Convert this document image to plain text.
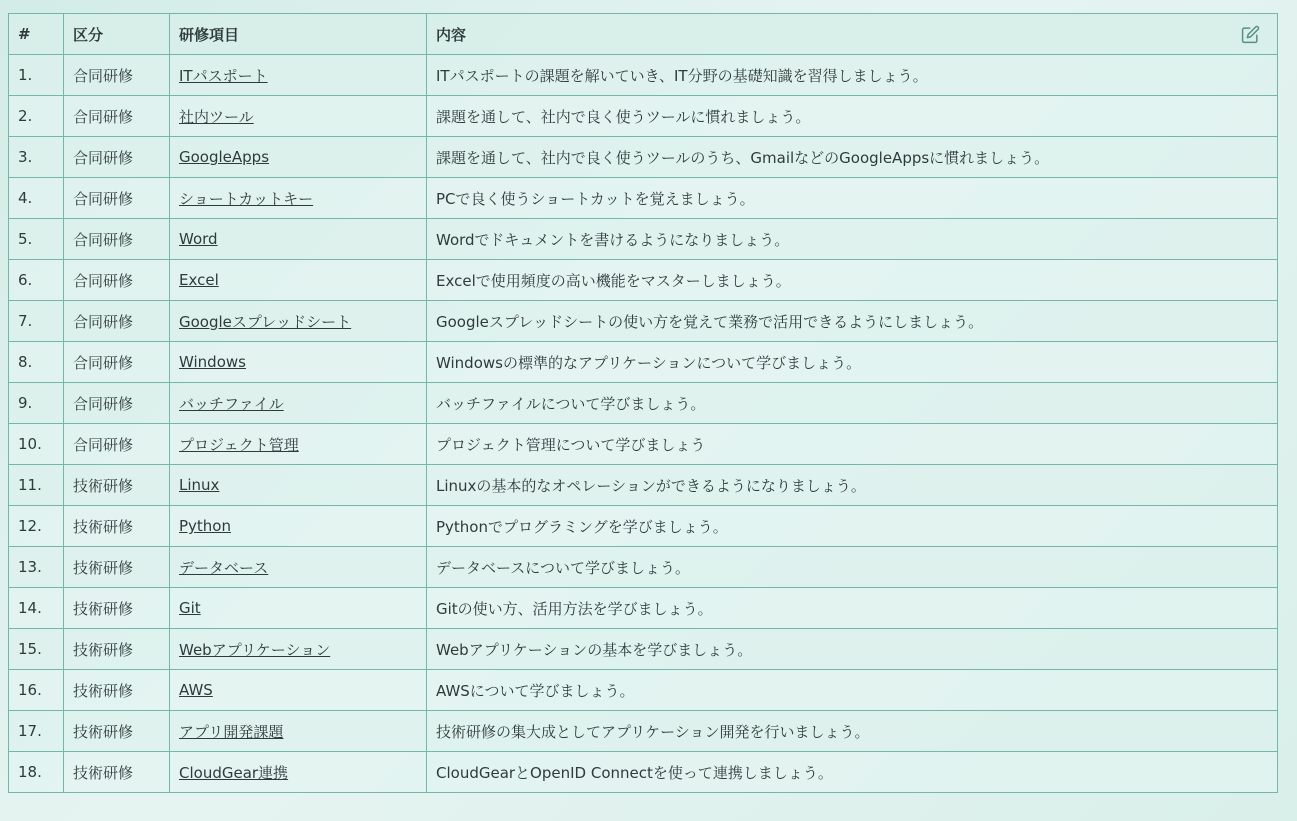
#	区分	研修項目	内容

1.	合同研修	ITパスポート	ITパスポートの課題を解いていき、IT分野の基礎知識を習得しましょう。
2.	合同研修	社内ツール	課題を通して、社内で良く使うツールに慣れましょう。
3.	合同研修	GoogleApps	課題を通して、社内で良く使うツールのうち、GmailなどのGoogleAppsに慣れましょう。
4.	合同研修	ショートカットキー	PCで良く使うショートカットを覚えましょう。
5.	合同研修	Word	Wordでドキュメントを書けるようになりましょう。
6.	合同研修	Excel	Excelで使用頻度の高い機能をマスターしましょう。
7.	合同研修	Googleスプレッドシート	Googleスプレッドシートの使い方を覚えて業務で活用できるようにしましょう。
8.	合同研修	Windows	Windowsの標準的なアプリケーションについて学びましょう。
9.	合同研修	バッチファイル	バッチファイルについて学びましょう。
10.	合同研修	プロジェクト管理	プロジェクト管理について学びましょう
11.	技術研修	Linux	Linuxの基本的なオペレーションができるようになりましょう。
12.	技術研修	Python	Pythonでプログラミングを学びましょう。
13.	技術研修	データベース	データベースについて学びましょう。
14.	技術研修	Git	Gitの使い方、活用方法を学びましょう。
15.	技術研修	Webアプリケーション	Webアプリケーションの基本を学びましょう。
16.	技術研修	AWS	AWSについて学びましょう。
17.	技術研修	アプリ開発課題	技術研修の集大成としてアプリケーション開発を行いましょう。
18.	技術研修	CloudGear連携	CloudGearとOpenID Connectを使って連携しましょう。
